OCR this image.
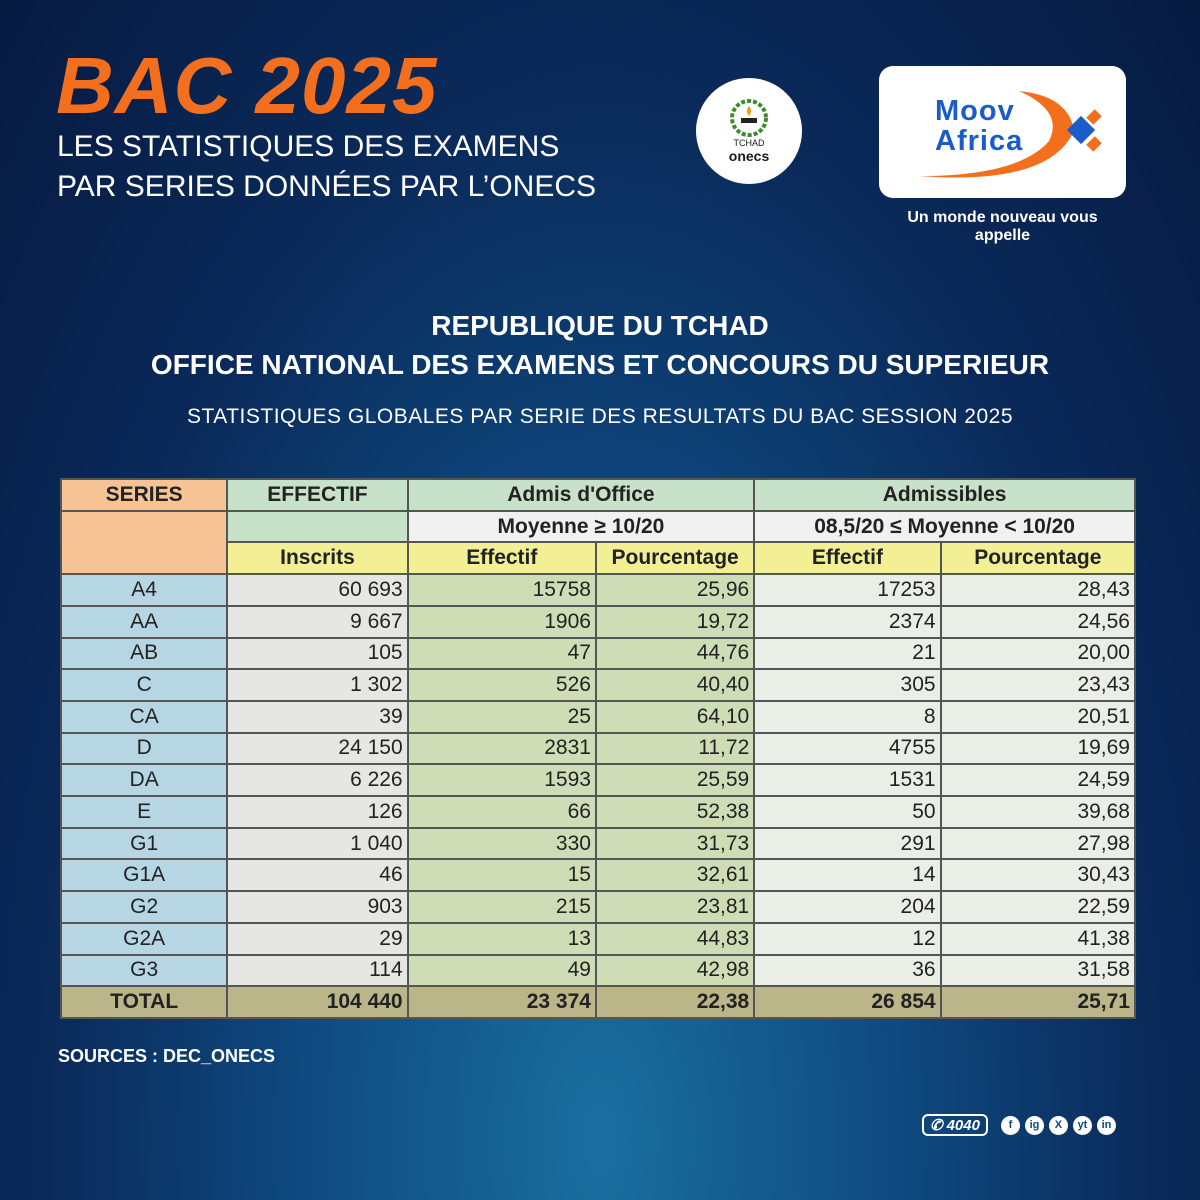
BAC 2025
LES STATISTIQUES DES EXAMENS
PAR SERIES DONNÉES PAR L’ONECS
TCHAD
onecs
Moov
Africa
Un monde nouveau vous appelle
REPUBLIQUE DU TCHAD
OFFICE NATIONAL DES EXAMENS ET CONCOURS DU SUPERIEUR
STATISTIQUES GLOBALES PAR SERIE DES RESULTATS DU BAC SESSION 2025
SERIES	EFFECTIF	Admis d'Office		Admissibles	
		Moyenne ≥ 10/20		08,5/20 ≤ Moyenne < 10/20	
	Inscrits	Effectif	Pourcentage	Effectif	Pourcentage
A4	60 693	15758	25,96	17253	28,43
AA	9 667	1906	19,72	2374	24,56
AB	105	47	44,76	21	20,00
C	1 302	526	40,40	305	23,43
CA	39	25	64,10	8	20,51
D	24 150	2831	11,72	4755	19,69
DA	6 226	1593	25,59	1531	24,59
E	126	66	52,38	50	39,68
G1	1 040	330	31,73	291	27,98
G1A	46	15	32,61	14	30,43
G2	903	215	23,81	204	22,59
G2A	29	13	44,83	12	41,38
G3	114	49	42,98	36	31,58
TOTAL	104 440	23 374	22,38	26 854	25,71
SOURCES : DEC_ONECS
✆ 4040	f	ig	X	yt	in
